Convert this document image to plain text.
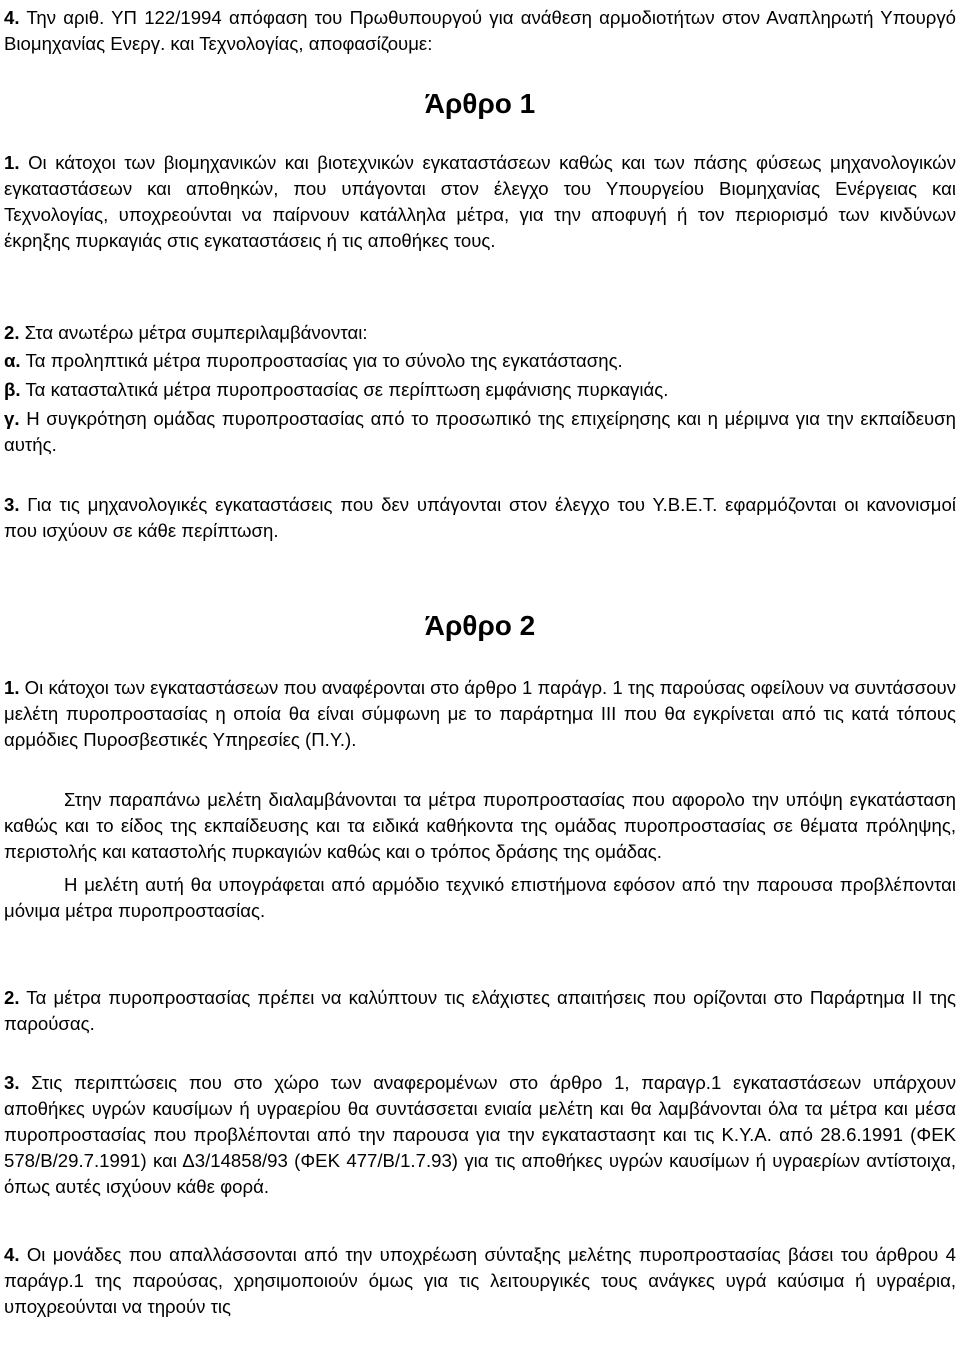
4. Την αριθ. ΥΠ 122/1994 απόφαση του Πρωθυπουργού για ανάθεση αρμοδιοτήτων στον Αναπληρωτή Υπουργό Βιομηχανίας Ενεργ. και Τεχνολογίας, αποφασίζουμε:

Άρθρο 1

1. Οι κάτοχοι των βιομηχανικών και βιοτεχνικών εγκαταστάσεων καθώς και των πάσης φύσεως μηχανολογικών εγκαταστάσεων και αποθηκών, που υπάγονται στον έλεγχο του Υπουργείου Βιομηχανίας Ενέργειας και Τεχνολογίας, υποχρεούνται να παίρνουν κατάλληλα μέτρα, για την αποφυγή ή τον περιορισμό των κινδύνων έκρηξης πυρκαγιάς στις εγκαταστάσεις ή τις αποθήκες τους.

2. Στα ανωτέρω μέτρα συμπεριλαμβάνονται:

α. Τα προληπτικά μέτρα πυροπροστασίας για το σύνολο της εγκατάστασης.

β. Τα κατασταλτικά μέτρα πυροπροστασίας σε περίπτωση εμφάνισης πυρκαγιάς.

γ. Η συγκρότηση ομάδας πυροπροστασίας από το προσωπικό της επιχείρησης και η μέριμνα για την εκπαίδευση αυτής.

3. Για τις μηχανολογικές εγκαταστάσεις που δεν υπάγονται στον έλεγχο του Υ.Β.Ε.Τ. εφαρμόζονται οι κανονισμοί που ισχύουν σε κάθε περίπτωση.

Άρθρο 2

1. Οι κάτοχοι των εγκαταστάσεων που αναφέρονται στο άρθρο 1 παράγρ. 1 της παρούσας οφείλουν να συντάσσουν μελέτη πυροπροστασίας η οποία θα είναι σύμφωνη με το παράρτημα ΙΙΙ που θα εγκρίνεται από τις κατά τόπους αρμόδιες Πυροσβεστικές Υπηρεσίες (Π.Υ.).

Στην παραπάνω μελέτη διαλαμβάνονται τα μέτρα πυροπροστασίας που αφορολο την υπόψη εγκατάσταση καθώς και το είδος της εκπαίδευσης και τα ειδικά καθήκοντα της ομάδας πυροπροστασίας σε θέματα πρόληψης, περιστολής και καταστολής πυρκαγιών καθώς και ο τρόπος δράσης της ομάδας.

Η μελέτη αυτή θα υπογράφεται από αρμόδιο τεχνικό επιστήμονα εφόσον από την παρουσα προβλέπονται μόνιμα μέτρα πυροπροστασίας.

2. Τα μέτρα πυροπροστασίας πρέπει να καλύπτουν τις ελάχιστες απαιτήσεις που ορίζονται στο Παράρτημα ΙΙ της παρούσας.

3. Στις περιπτώσεις που στο χώρο των αναφερομένων στο άρθρο 1, παραγρ.1 εγκαταστάσεων υπάρχουν αποθήκες υγρών καυσίμων ή υγραερίου θα συντάσσεται ενιαία μελέτη και θα λαμβάνονται όλα τα μέτρα και μέσα πυροπροστασίας που προβλέπονται από την παρουσα για την εγκαταστασητ και τις Κ.Υ.Α. από 28.6.1991 (ΦΕΚ 578/Β/29.7.1991) και Δ3/14858/93 (ΦΕΚ 477/Β/1.7.93) για τις αποθήκες υγρών καυσίμων ή υγραερίων αντίστοιχα, όπως αυτές ισχύουν κάθε φορά.

4. Οι μονάδες που απαλλάσσονται από την υποχρέωση σύνταξης μελέτης πυροπροστασίας βάσει του άρθρου 4 παράγρ.1 της παρούσας, χρησιμοποιούν όμως για τις λειτουργικές τους ανάγκες υγρά καύσιμα ή υγραέρια, υποχρεούνται να τηρούν τις
